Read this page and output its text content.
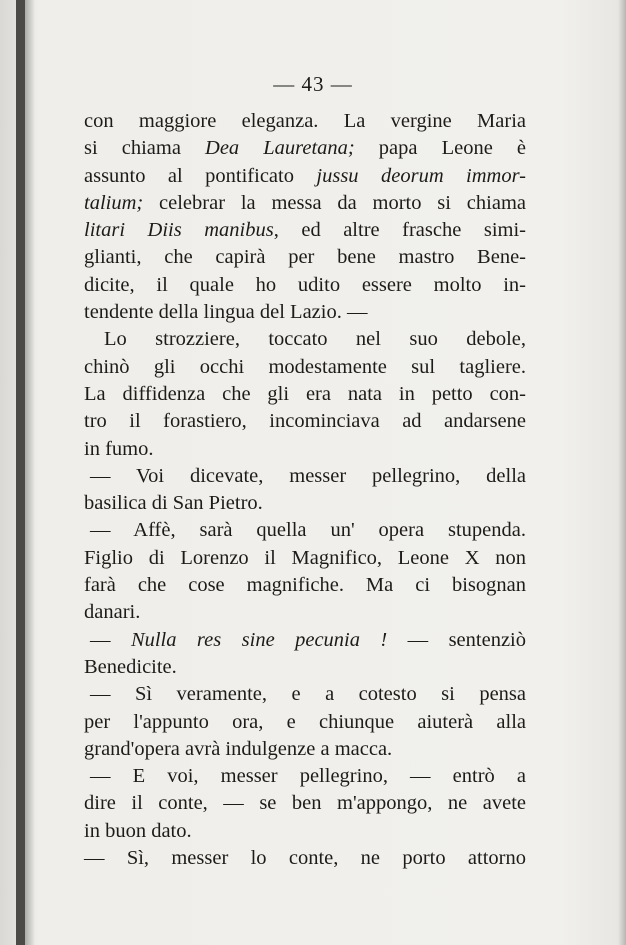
— 43 —
con maggiore eleganza. La vergine Maria
si chiama Dea Lauretana; papa Leone è
assunto al pontificato jussu deorum immor-
talium; celebrar la messa da morto si chiama
litari Diis manibus, ed altre frasche simi-
glianti, che capirà per bene mastro Bene-
dicite, il quale ho udito essere molto in-
tendente della lingua del Lazio. —
Lo strozziere, toccato nel suo debole,
chinò gli occhi modestamente sul tagliere.
La diffidenza che gli era nata in petto con-
tro il forastiero, incominciava ad andarsene
in fumo.
— Voi dicevate, messer pellegrino, della
basilica di San Pietro.
— Affè, sarà quella un' opera stupenda.
Figlio di Lorenzo il Magnifico, Leone X non
farà che cose magnifiche. Ma ci bisognan
danari.
— Nulla res sine pecunia ! — sentenziò
Benedicite.
— Sì veramente, e a cotesto si pensa
per l'appunto ora, e chiunque aiuterà alla
grand'opera avrà indulgenze a macca.
— E voi, messer pellegrino, — entrò a
dire il conte, — se ben m'appongo, ne avete
in buon dato.
— Sì, messer lo conte, ne porto attorno
